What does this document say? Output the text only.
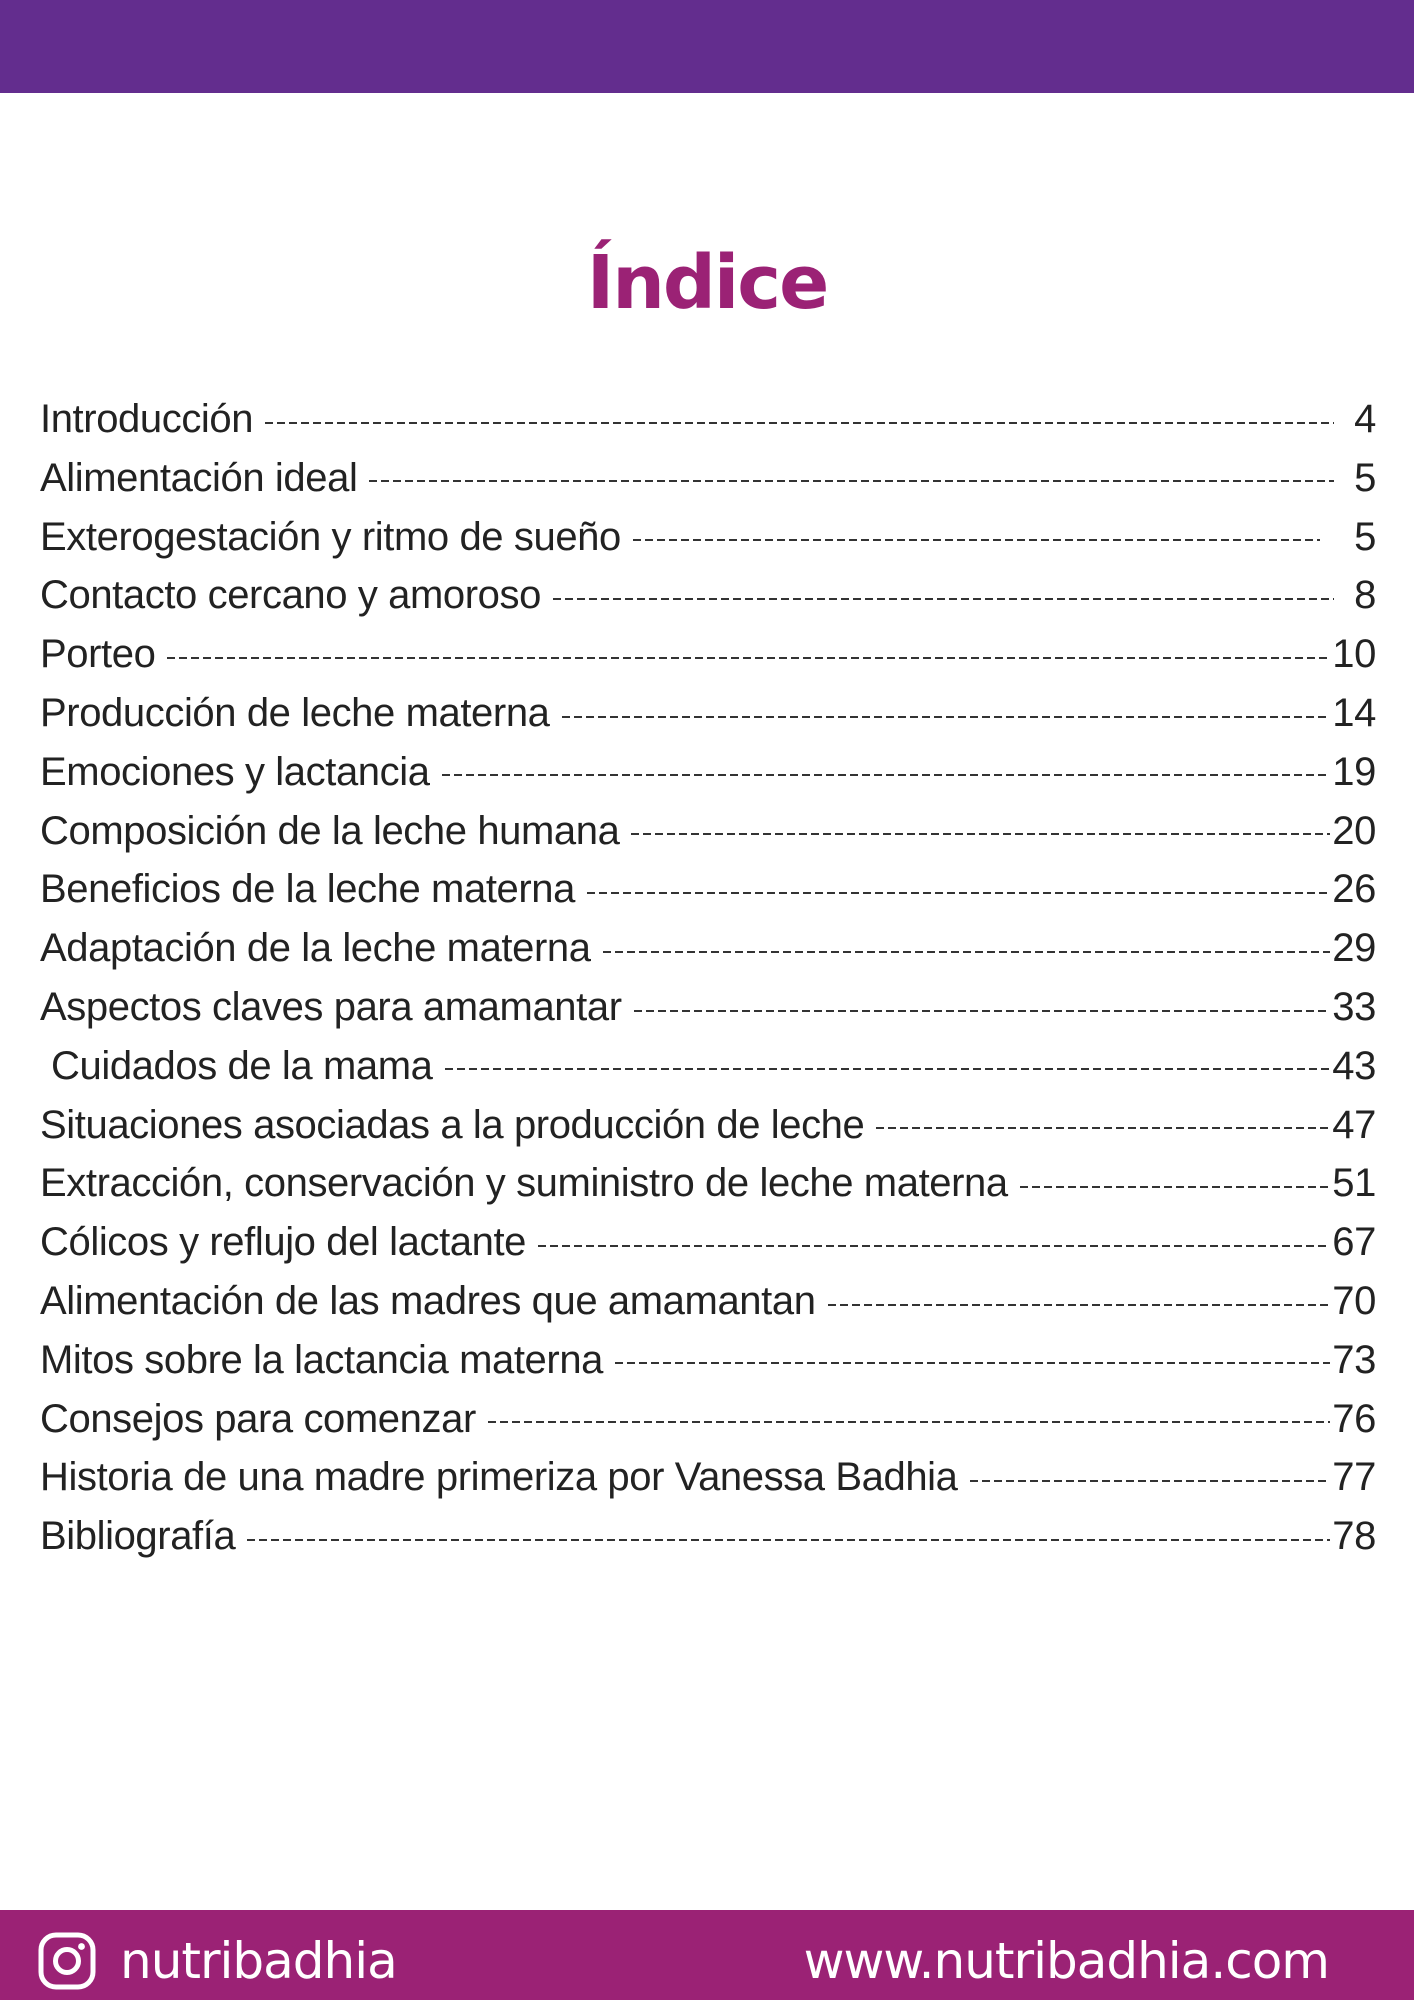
Índice
Introducción	4
Alimentación ideal	5
Exterogestación y ritmo de sueño	5
Contacto cercano y amoroso	8
Porteo	10
Producción de leche materna	14
Emociones y lactancia	19
Composición de la leche humana	20
Beneficios de la leche materna	26
Adaptación de la leche materna	29
Aspectos claves para amamantar	33
Cuidados de la mama	43
Situaciones asociadas a la producción de leche	47
Extracción, conservación y suministro de leche materna	51
Cólicos y reflujo del lactante	67
Alimentación de las madres que amamantan	70
Mitos sobre la lactancia materna	73
Consejos para comenzar	76
Historia de una madre primeriza por Vanessa Badhia	77
Bibliografía	78
nutribadhia	www.nutribadhia.com
